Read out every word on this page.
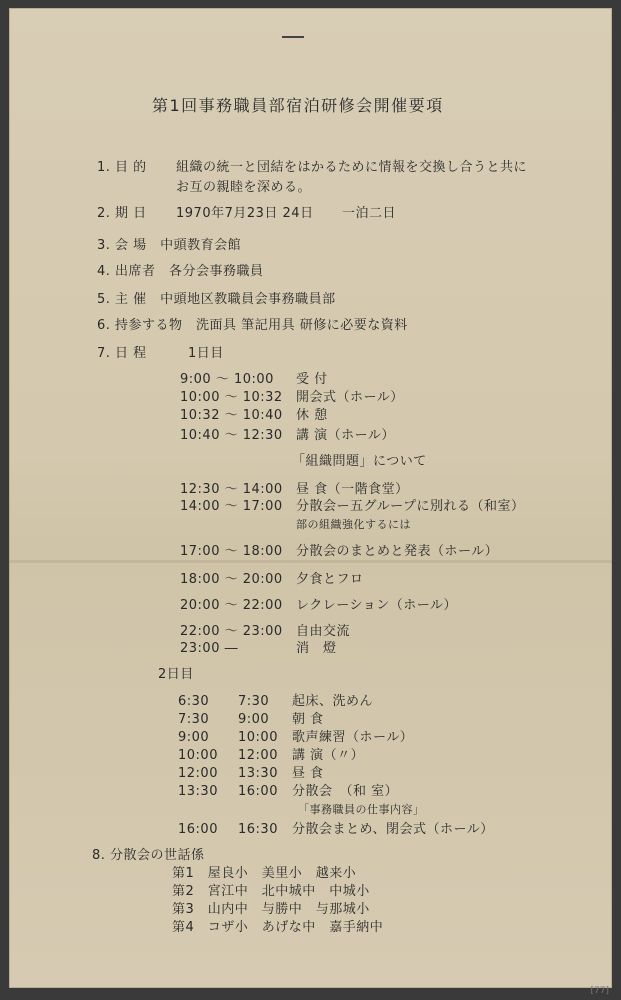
第1回事務職員部宿泊研修会開催要項
1. 目 的 組織の統一と団結をはかるために情報を交換し合うと共に
お互の親睦を深める。
2. 期 日 1970年7月23日 24日 一泊二日
3. 会 場　中頭教育会館
4. 出席者　各分会事務職員
5. 主 催　中頭地区教職員会事務職員部
6. 持参する物　洗面具 筆記用具 研修に必要な資料
7. 日 程	1日目
9:00 ～ 10:00 受 付
10:00 ～ 10:32 開会式（ホール）
10:32 ～ 10:40 休 憩
10:40 ～ 12:30 講 演（ホール）
「組織問題」について
12:30 ～ 14:00 昼 食（一階食堂）
14:00 ～ 17:00 分散会ー五グループに別れる（和室）
部の組織強化するには
17:00 ～ 18:00 分散会のまとめと発表（ホール）
18:00 ～ 20:00 夕食とフロ
20:00 ～ 22:00 レクレーション（ホール）
22:00 ～ 23:00 自由交流
23:00 ―	消　燈
2日目
6:30 7:30 起床、洗めん
7:30 9:00 朝 食
9:00 10:00 歌声練習（ホール）
10:00 12:00 講 演（〃）
12:00 13:30 昼 食
13:30 16:00 分散会　（和 室）
「事務職員の仕事内容」
16:00 16:30 分散会まとめ、閉会式（ホール）
8. 分散会の世話係
第1　屋良小　美里小　越来小
第2　宮江中　北中城中　中城小
第3　山内中　与勝中　与那城小
第4　コザ小　あげな中　嘉手納中
[77]
